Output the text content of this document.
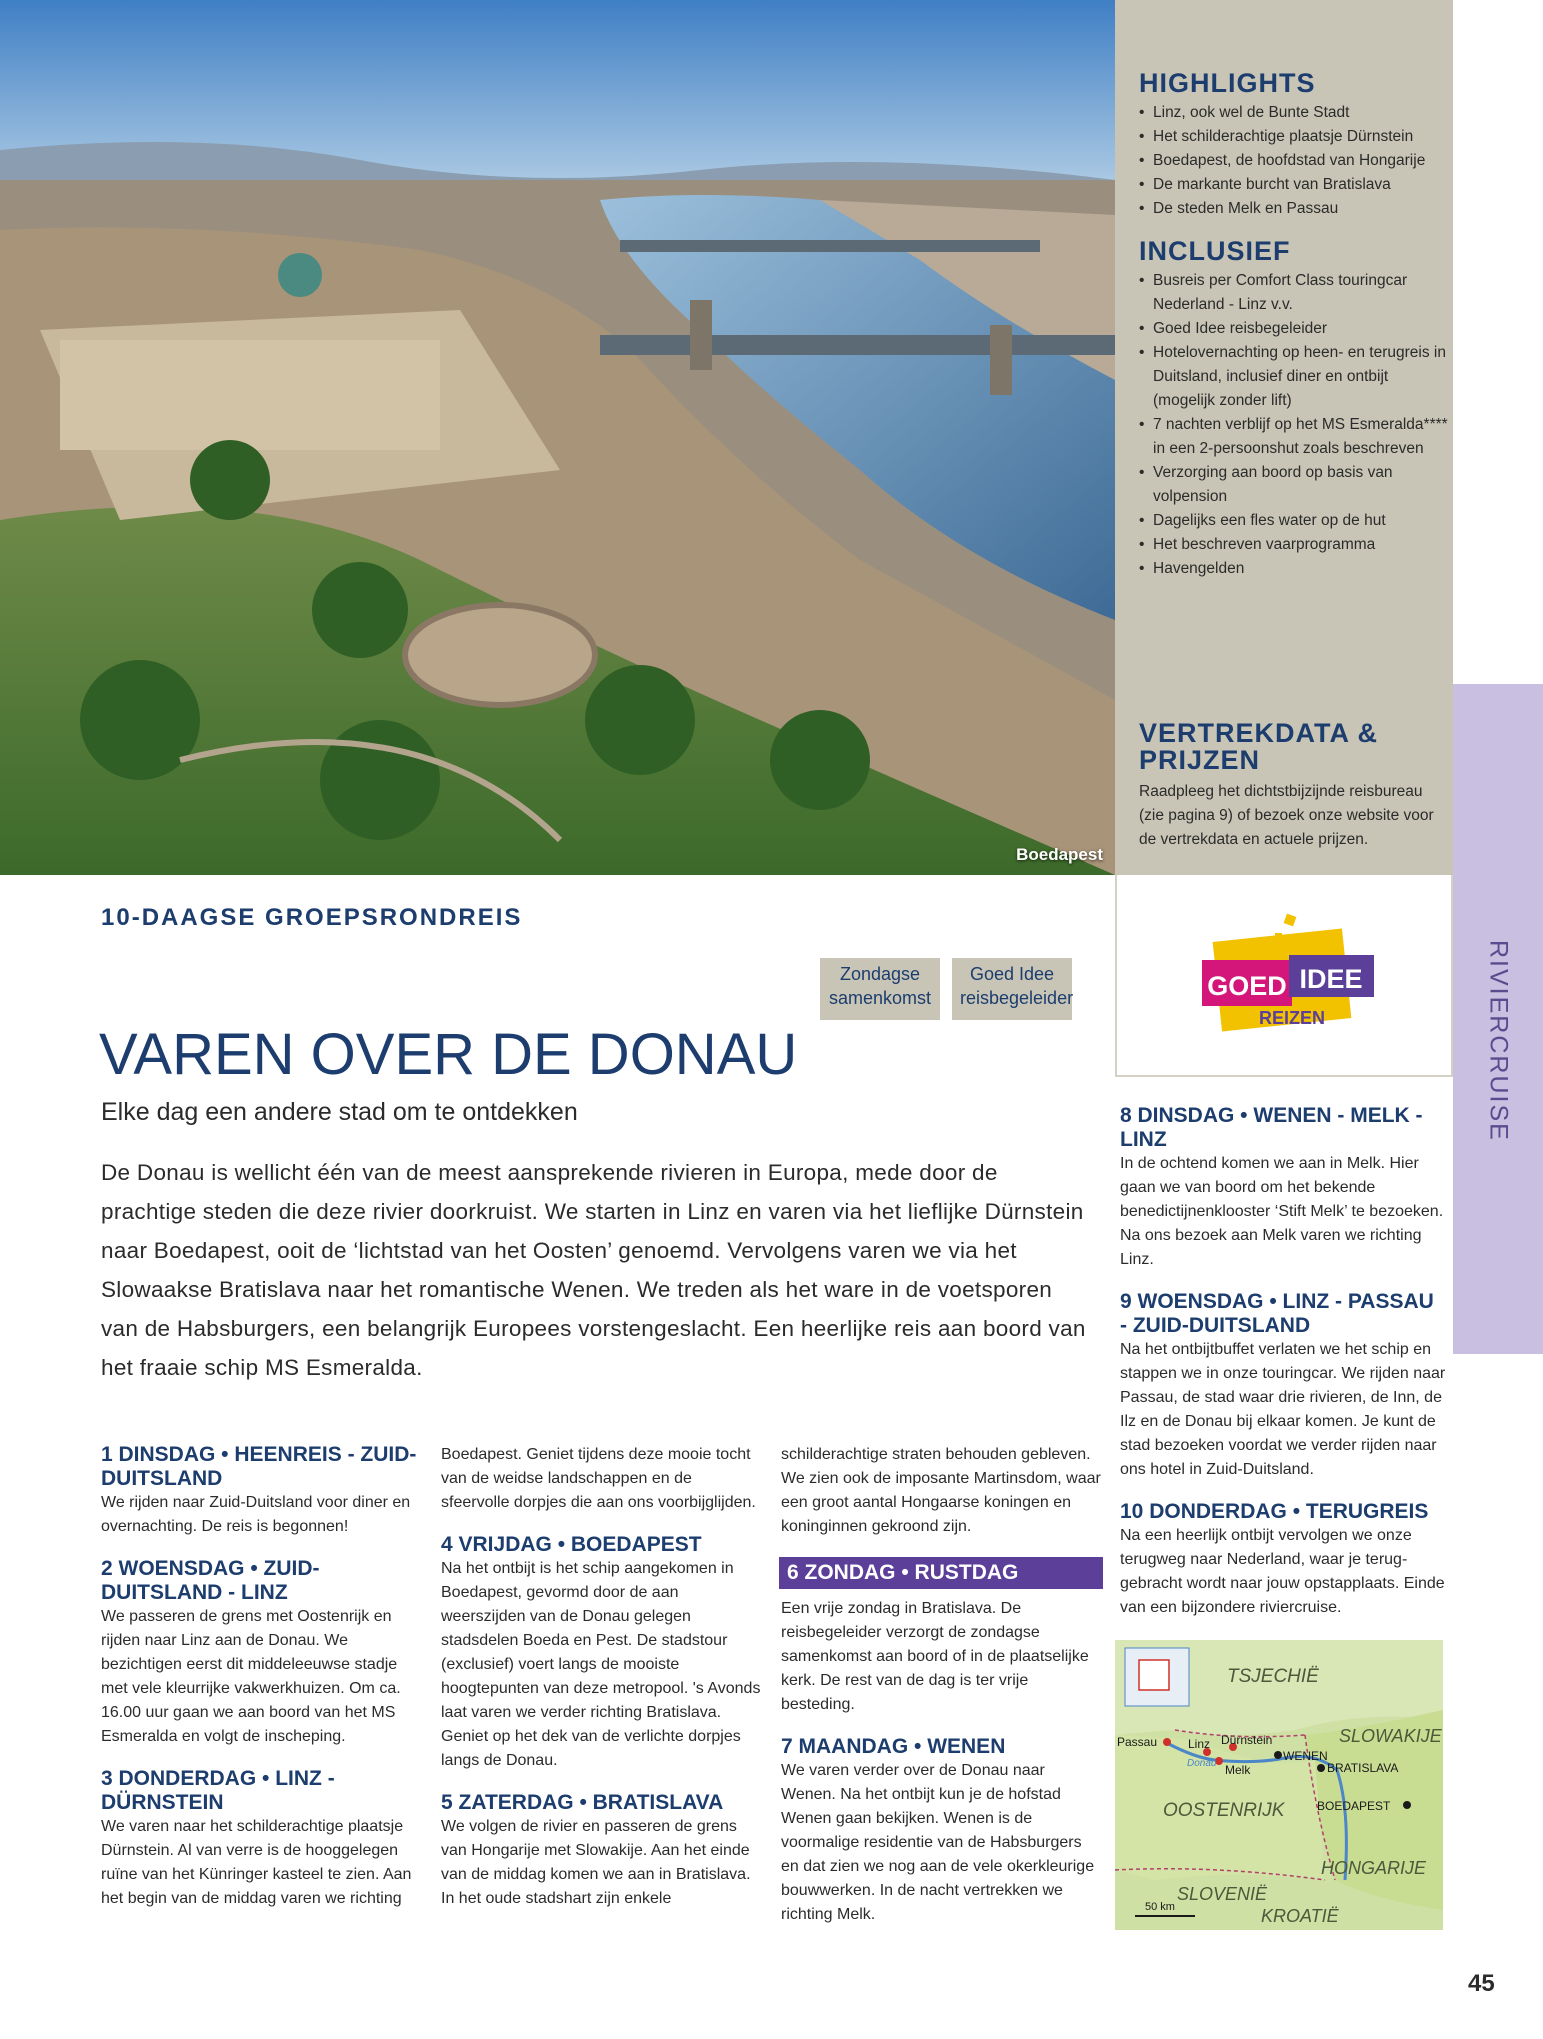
Boedapest
HIGHLIGHTS
• Linz, ook wel de Bunte Stadt
• Het schilderachtige plaatsje Dürnstein
• Boedapest, de hoofdstad van Hongarije
• De markante burcht van Bratislava
• De steden Melk en Passau
INCLUSIEF
• Busreis per Comfort Class touringcar Nederland - Linz v.v.
• Goed Idee reisbegeleider
• Hotelovernachting op heen- en terugreis in Duitsland, inclusief diner en ontbijt (mogelijk zonder lift)
• 7 nachten verblijf op het MS Esmeralda**** in een 2-persoonshut zoals beschreven
• Verzorging aan boord op basis van volpension
• Dagelijks een fles water op de hut
• Het beschreven vaarprogramma
• Havengelden
VERTREKDATA &
PRIJZEN
Raadpleeg het dichtstbijzijnde reisbureau (zie pagina 9) of bezoek onze website voor de vertrekdata en actuele prijzen.
RIVIERCRUISE
GOED IDEE
REIZEN
10-DAAGSE GROEPSRONDREIS
Zondagse
samenkomst
Goed Idee
reisbegeleider
VAREN OVER DE DONAU
Elke dag een andere stad om te ontdekken
De Donau is wellicht één van de meest aansprekende rivieren in Europa, mede door de prachtige steden die deze rivier doorkruist. We starten in Linz en varen via het lieflijke Dürnstein naar Boedapest, ooit de ‘lichtstad van het Oosten’ genoemd. Vervolgens varen we via het Slowaakse Bratislava naar het romantische Wenen. We treden als het ware in de voetsporen van de Habsburgers, een belangrijk Europees vorstengeslacht. Een heerlijke reis aan boord van het fraaie schip MS Esmeralda.
1 DINSDAG • HEENREIS - ZUID-DUITSLAND

We rijden naar Zuid-Duitsland voor diner en overnachting. De reis is begonnen!

2 WOENSDAG • ZUID-DUITSLAND - LINZ

We passeren de grens met Oostenrijk en rijden naar Linz aan de Donau. We bezichtigen eerst dit middeleeuwse stadje met vele kleurrijke vakwerkhuizen. Om ca. 16.00 uur gaan we aan boord van het MS Esmeralda en volgt de inscheping.

3 DONDERDAG • LINZ - DÜRNSTEIN

We varen naar het schilderachtige plaatsje Dürnstein. Al van verre is de hooggelegen ruïne van het Künringer kasteel te zien. Aan het begin van de middag varen we richting

Boedapest. Geniet tijdens deze mooie tocht van de weidse landschappen en de sfeervolle dorpjes die aan ons voorbijglijden.

4 VRIJDAG • BOEDAPEST

Na het ontbijt is het schip aangekomen in Boedapest, gevormd door de aan weerszijden van de Donau gelegen stadsdelen Boeda en Pest. De stadstour (exclusief) voert langs de mooiste hoogtepunten van deze metropool. 's Avonds laat varen we verder richting Bratislava. Geniet op het dek van de verlichte dorpjes langs de Donau.

5 ZATERDAG • BRATISLAVA

We volgen de rivier en passeren de grens van Hongarije met Slowakije. Aan het einde van de middag komen we aan in Bratislava. In het oude stadshart zijn enkele

schilderachtige straten behouden gebleven. We zien ook de imposante Martinsdom, waar een groot aantal Hongaarse koningen en koninginnen gekroond zijn.

6 ZONDAG • RUSTDAG

Een vrije zondag in Bratislava. De reisbegeleider verzorgt de zondagse samenkomst aan boord of in de plaatselijke kerk. De rest van de dag is ter vrije besteding.

7 MAANDAG • WENEN

We varen verder over de Donau naar Wenen. Na het ontbijt kun je de hofstad Wenen gaan bekijken. Wenen is de voormalige residentie van de Habsburgers en dat zien we nog aan de vele okerkleurige bouwwerken. In de nacht vertrekken we richting Melk.

8 DINSDAG • WENEN - MELK - LINZ

In de ochtend komen we aan in Melk. Hier gaan we van boord om het bekende benedictijnenklooster ‘Stift Melk’ te bezoeken. Na ons bezoek aan Melk varen we richting Linz.

9 WOENSDAG • LINZ - PASSAU - ZUID-DUITSLAND

Na het ontbijtbuffet verlaten we het schip en stappen we in onze touringcar. We rijden naar Passau, de stad waar drie rivieren, de Inn, de Ilz en de Donau bij elkaar komen. Je kunt de stad bezoeken voordat we verder rijden naar ons hotel in Zuid-Duitsland.

10 DONDERDAG • TERUGREIS

Na een heerlijk ontbijt vervolgen we onze terugweg naar Nederland, waar je terug-gebracht wordt naar jouw opstapplaats. Einde van een bijzondere riviercruise.

TSJECHIË
SLOWAKIJE
OOSTENRIJK
HONGARIJE
SLOVENIË
KROATIË
Passau	Linz Dürnstein
Melk
WENEN
BRATISLAVA
BOEDAPEST
Donau
50 km
45
